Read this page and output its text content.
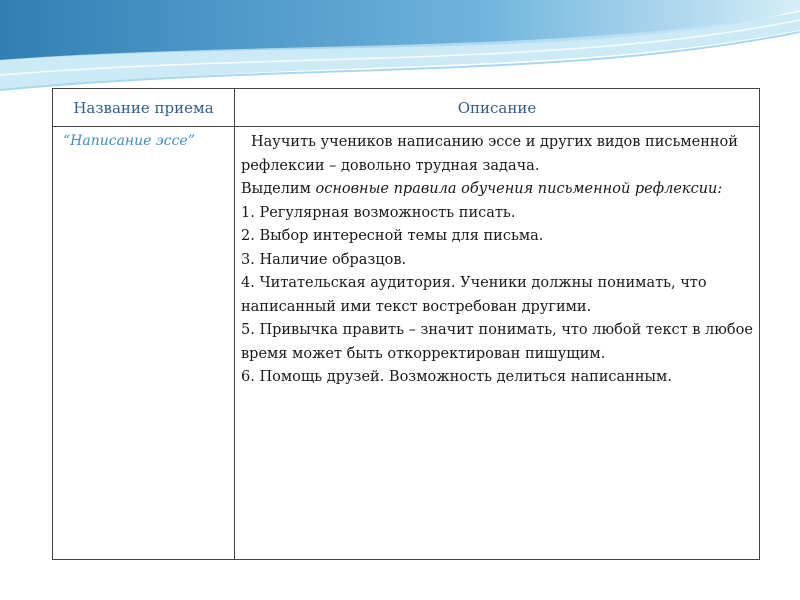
Название приема	Описание
“Написание эссе”	Научить учеников написанию эссе и других видов письменной рефлексии – довольно трудная задача.

Выделим основные правила обучения письменной рефлексии:

1. Регулярная возможность писать.

2. Выбор интересной темы для письма.

3. Наличие образцов.

4. Читательская аудитория. Ученики должны понимать, что написанный ими текст востребован другими.

5. Привычка править – значит понимать, что любой текст в любое время может быть откорректирован пишущим.

6. Помощь друзей. Возможность делиться написанным.
